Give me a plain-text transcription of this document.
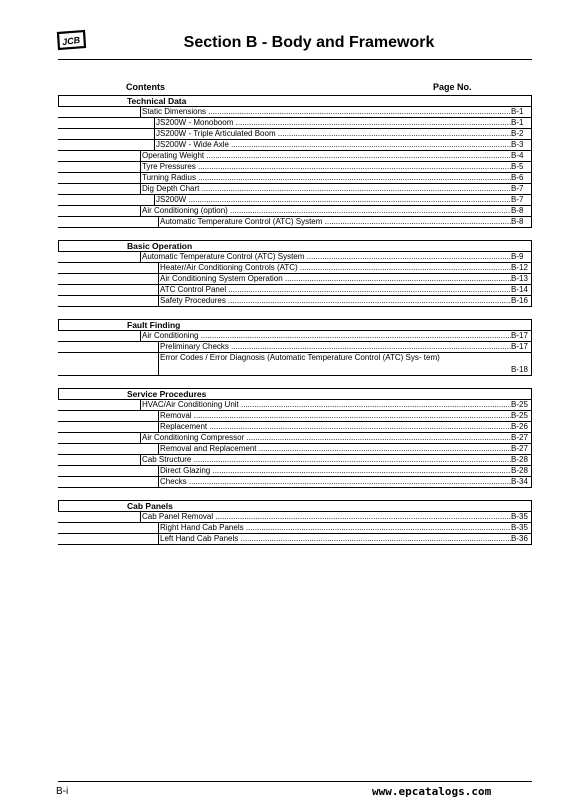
JCB	Section B - Body and Framework
Contents	Page No.
Technical Data
Static Dimensions .....	B-1
JS200W - Monoboom .....	B-1
JS200W - Triple Articulated Boom .....	B-2
JS200W - Wide Axle .....	B-3
Operating Weight .....	B-4
Tyre Pressures .....	B-5
Turning Radius .....	B-6
Dig Depth Chart .....	B-7
JS200W .....	B-7
Air Conditioning (option) .....	B-8
Automatic Temperature Control (ATC) System .....	B-8
Basic Operation
Automatic Temperature Control (ATC) System .....	B-9
Heater/Air Conditioning Controls (ATC) .....	B-12
Air Conditioning System Operation .....	B-13
ATC Control Panel .....	B-14
Safety Procedures .....	B-16
Fault Finding
Air Conditioning .....	B-17
Preliminary Checks .....	B-17
Error Codes / Error Diagnosis (Automatic Temperature Control (ATC) Sys- tem)
B-18
Service Procedures
HVAC/Air Conditioning Unit .....	B-25
Removal .....	B-25
Replacement .....	B-26
Air Conditioning Compressor .....	B-27
Removal and Replacement .....	B-27
Cab Structure .....	B-28
Direct Glazing .....	B-28
Checks .....	B-34
Cab Panels
Cab Panel Removal .....	B-35
Right Hand Cab Panels .....	B-35
Left Hand Cab Panels .....	B-36
B-i	www.epcatalogs.com
